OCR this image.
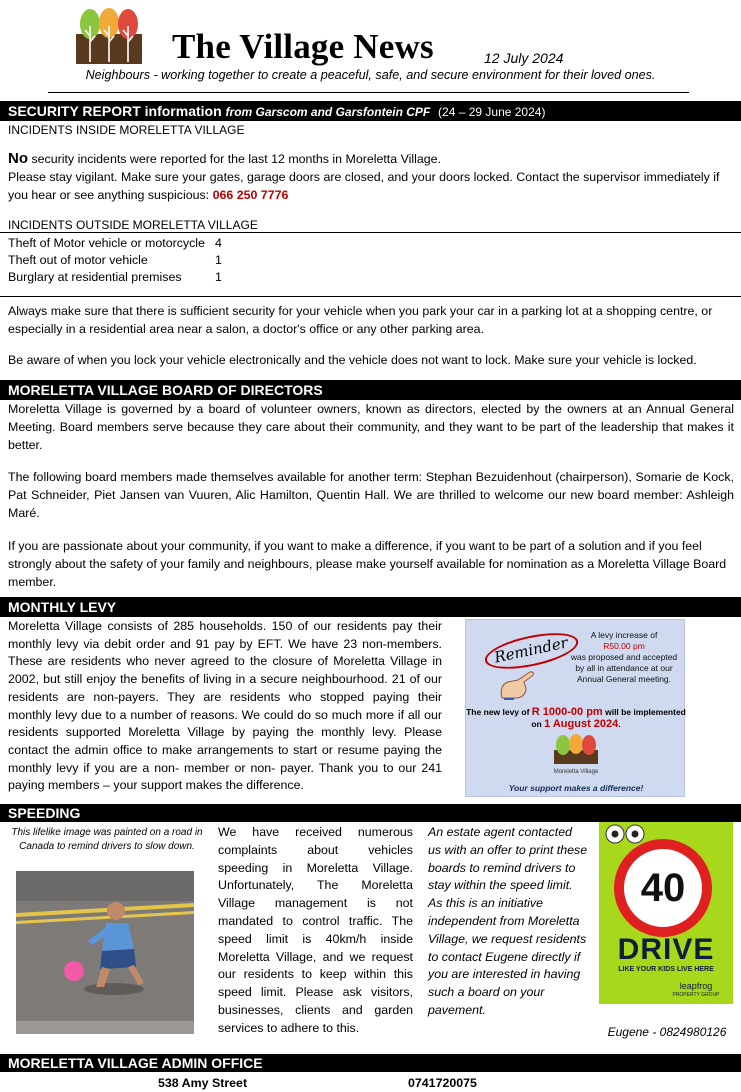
The Village News	12 July 2024
Neighbours - working together to create a peaceful, safe, and secure environment for their loved ones.
SECURITY REPORT information from Garscom and Garsfontein CPF (24 – 29 June 2024)
INCIDENTS INSIDE MORELETTA VILLAGE
No security incidents were reported for the last 12 months in Moreletta Village.
Please stay vigilant. Make sure your gates, garage doors are closed, and your doors locked. Contact the supervisor immediately if you hear or see anything suspicious: 066 250 7776
INCIDENTS OUTSIDE MORELETTA VILLAGE
Theft of Motor vehicle or motorcycle	4
Theft out of motor vehicle	1
Burglary at residential premises	1
Always make sure that there is sufficient security for your vehicle when you park your car in a parking lot at a shopping centre, or especially in a residential area near a salon, a doctor's office or any other parking area.
Be aware of when you lock your vehicle electronically and the vehicle does not want to lock. Make sure your vehicle is locked.
MORELETTA VILLAGE BOARD OF DIRECTORS
Moreletta Village is governed by a board of volunteer owners, known as directors, elected by the owners at an Annual General Meeting. Board members serve because they care about their community, and they want to be part of the leadership that makes it better.
The following board members made themselves available for another term: Stephan Bezuidenhout (chairperson), Somarie de Kock, Pat Schneider, Piet Jansen van Vuuren, Alic Hamilton, Quentin Hall. We are thrilled to welcome our new board member: Ashleigh Maré.
If you are passionate about your community, if you want to make a difference, if you want to be part of a solution and if you feel strongly about the safety of your family and neighbours, please make yourself available for nomination as a Moreletta Village Board member.
MONTHLY LEVY
Moreletta Village consists of 285 households. 150 of our residents pay their monthly levy via debit order and 91 pay by EFT. We have 23 non-members. These are residents who never agreed to the closure of Moreletta Village in 2002, but still enjoy the benefits of living in a secure neighbourhood. 21 of our residents are non-payers. They are residents who stopped paying their monthly levy due to a number of reasons. We could do so much more if all our residents supported Moreletta Village by paying the monthly levy. Please contact the admin office to make arrangements to start or resume paying the monthly levy if you are a non- member or non- payer. Thank you to our 241 paying members – your support makes the difference.
Reminder	A levy increase of
R50.00 pm
was proposed and accepted by all in attendance at our Annual General meeting.
The new levy of R 1000-00 pm will be implemented on 1 August 2024.
Moreletta Village
Your support makes a difference!
SPEEDING
This lifelike image was painted on a road in Canada to remind drivers to slow down.
We have received numerous complaints about vehicles speeding in Moreletta Village. Unfortunately, The Moreletta Village management is not mandated to control traffic. The speed limit is 40km/h inside Moreletta Village, and we request our residents to keep within this speed limit. Please ask visitors, businesses, clients and garden services to adhere to this.
An estate agent contacted us with an offer to print these boards to remind drivers to stay within the speed limit. As this is an initiative independent from Moreletta Village, we request residents to contact Eugene directly if you are interested in having such a board on your pavement.
40
DRIVE
LIKE YOUR KIDS LIVE HERE
leapfrog
PROPERTY GROUP
Eugene - 0824980126
MORELETTA VILLAGE ADMIN OFFICE
538 Amy Street	0741720075
